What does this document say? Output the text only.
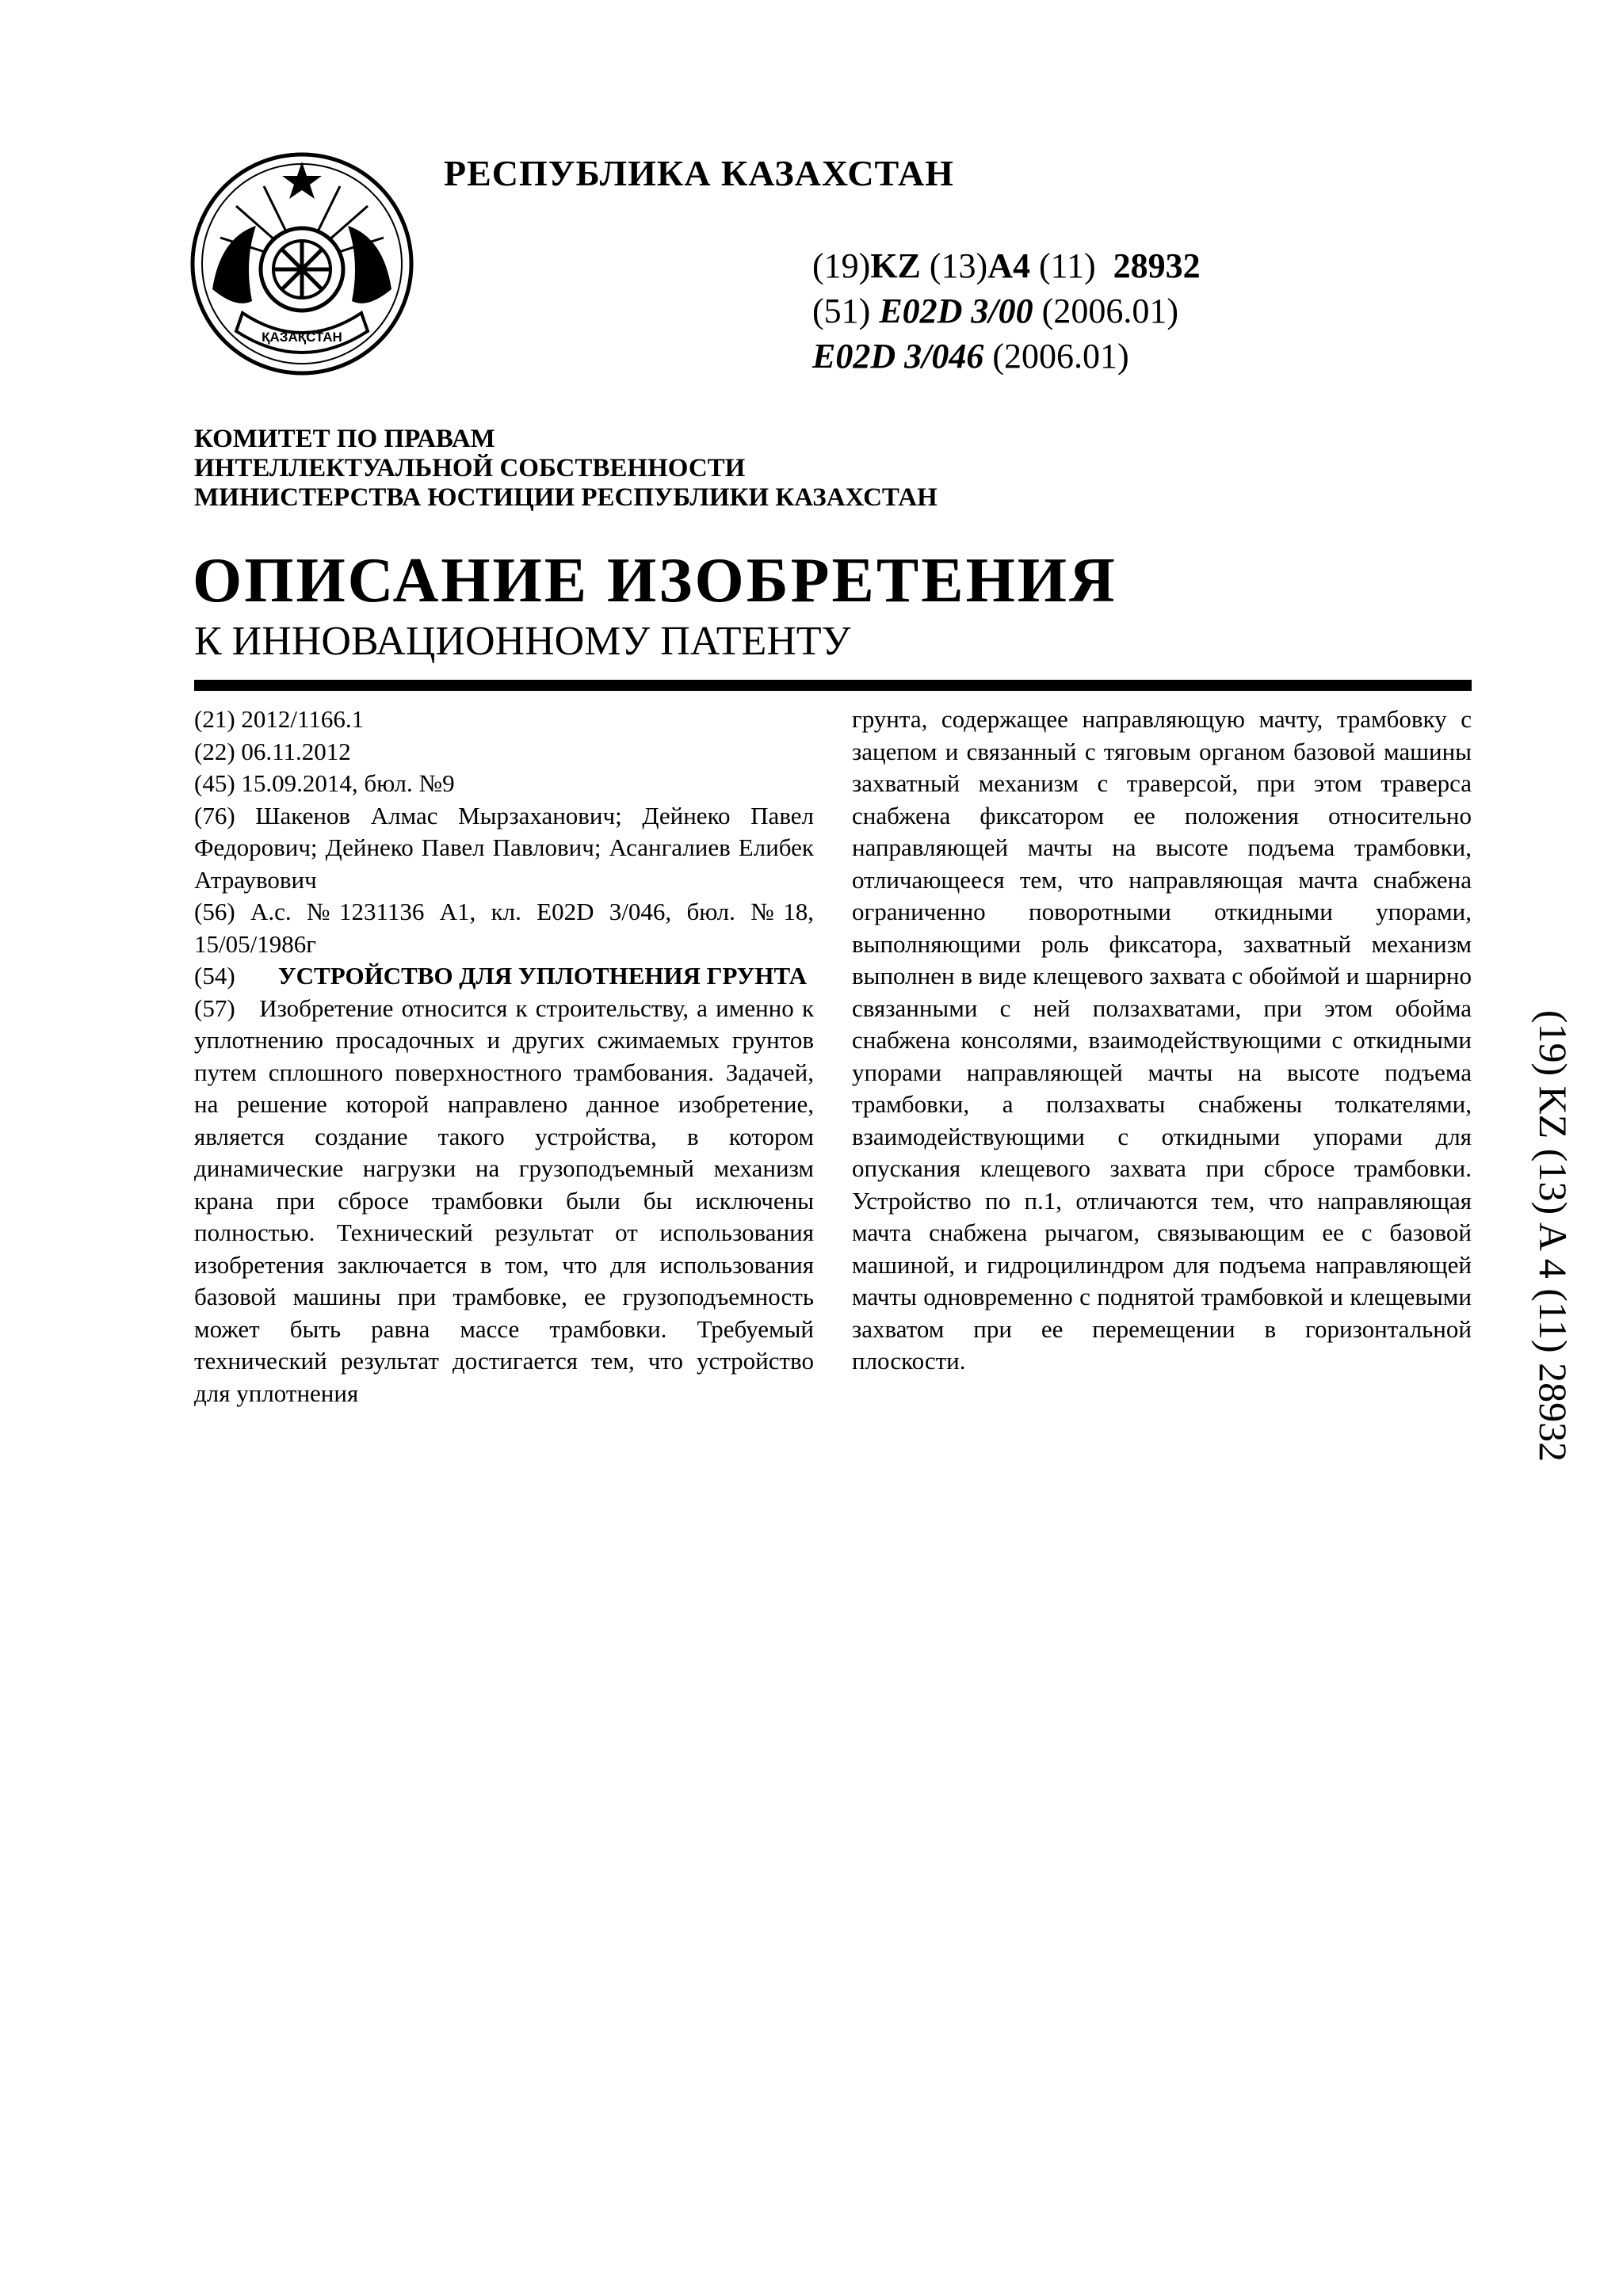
ҚАЗАҚСТАН
РЕСПУБЛИКА КАЗАХСТАН
(19)KZ (13)A4 (11) 28932
(51) E02D 3/00 (2006.01)
E02D 3/046 (2006.01)
КОМИТЕТ ПО ПРАВАМ
ИНТЕЛЛЕКТУАЛЬНОЙ СОБСТВЕННОСТИ
МИНИСТЕРСТВА ЮСТИЦИИ РЕСПУБЛИКИ КАЗАХСТАН
ОПИСАНИЕ ИЗОБРЕТЕНИЯ
К ИННОВАЦИОННОМУ ПАТЕНТУ

(21) 2012/1166.1

(22) 06.11.2012

(45) 15.09.2014, бюл. №9

(76) Шакенов Алмас Мырзаханович; Дейнеко Павел Федорович; Дейнеко Павел Павлович; Асангалиев Елибек Атраувович

(56) А.с. №1231136 А1, кл. E02D 3/046, бюл. №18, 15/05/1986г

(54) УСТРОЙСТВО ДЛЯ УПЛОТНЕНИЯ ГРУНТА

(57) Изобретение относится к строительству, а именно к уплотнению просадочных и других сжимаемых грунтов путем сплошного поверхностного трамбования. Задачей, на решение которой направлено данное изобретение, является создание такого устройства, в котором динамические нагрузки на грузоподъемный механизм крана при сбросе трамбовки были бы исключены полностью. Технический результат от использования изобретения заключается в том, что для использования базовой машины при трамбовке, ее грузоподъемность может быть равна массе трамбовки. Требуемый технический результат достигается тем, что устройство для уплотнения

грунта, содержащее направляющую мачту, трамбовку с зацепом и связанный с тяговым органом базовой машины захватный механизм с траверсой, при этом траверса снабжена фиксатором ее положения относительно направляющей мачты на высоте подъема трамбовки, отличающееся тем, что направляющая мачта снабжена ограниченно поворотными откидными упорами, выполняющими роль фиксатора, захватный механизм выполнен в виде клещевого захвата с обоймой и шарнирно связанными с ней ползахватами, при этом обойма снабжена консолями, взаимодействующими с откидными упорами направляющей мачты на высоте подъема трамбовки, а ползахваты снабжены толкателями, взаимодействующими с откидными упорами для опускания клещевого захвата при сбросе трамбовки. Устройство по п.1, отличаются тем, что направляющая мачта снабжена рычагом, связывающим ее с базовой машиной, и гидроцилиндром для подъема направляющей мачты одновременно с поднятой трамбовкой и клещевыми захватом при ее перемещении в горизонтальной плоскости.	(19) KZ (13) A 4 (11) 28932
